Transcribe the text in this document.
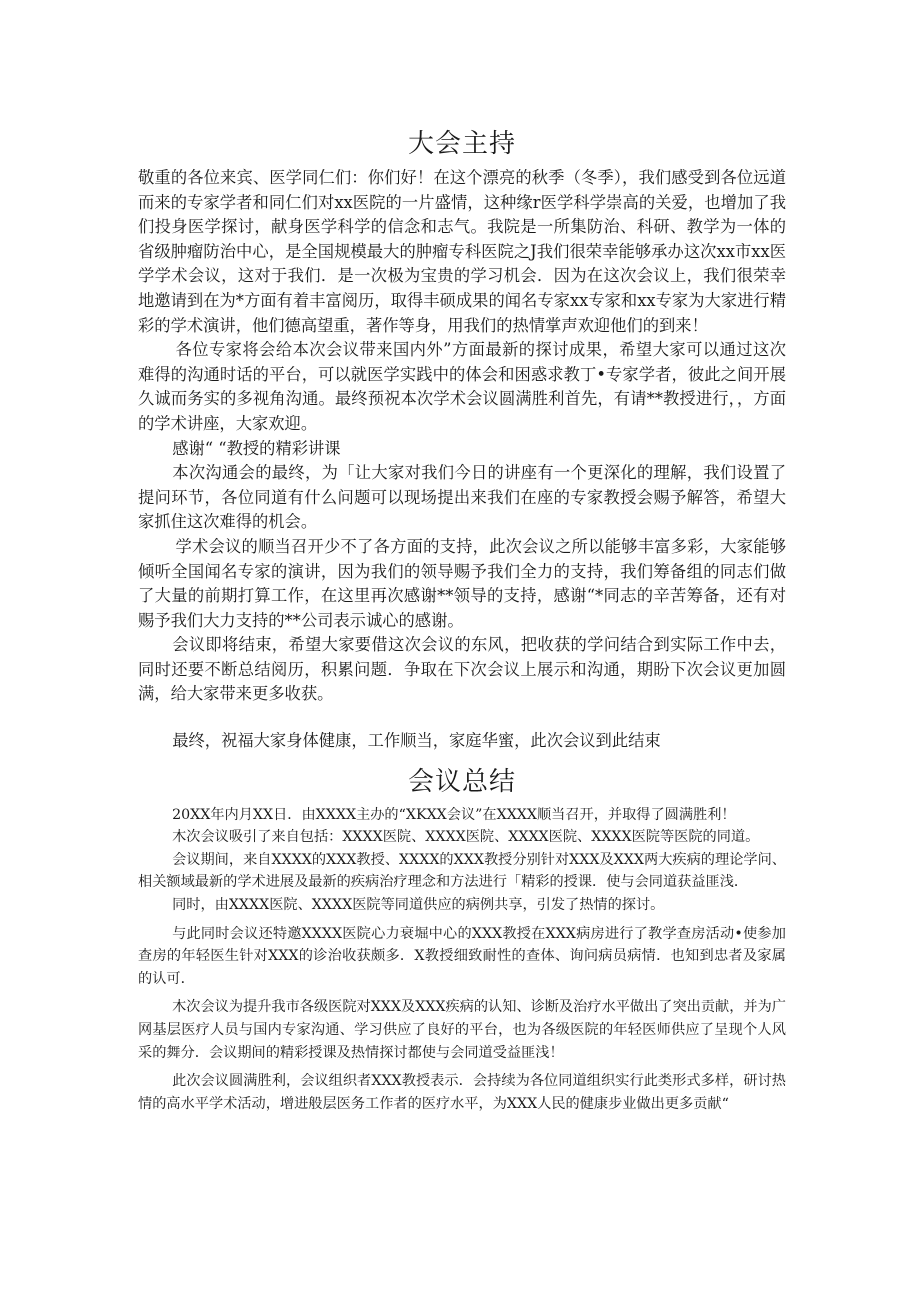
大会主持

敬重的各位来宾、医学同仁们：你们好！在这个漂亮的秋季（冬季），我们感受到各位远道而来的专家学者和同仁们对xx医院的一片盛情，这种缘r医学科学崇高的关爱，也增加了我们投身医学探讨，献身医学科学的信念和志气。我院是一所集防治、科研、教学为一体的省级肿瘤防治中心，是全国规模最大的肿瘤专科医院之J我们很荣幸能够承办这次xx市xx医学学术会议，这对于我们．是一次极为宝贵的学习机会．因为在这次会议上，我们很荣幸地邀请到在为*方面有着丰富阅历，取得丰硕成果的闻名专家xx专家和xx专家为大家进行精彩的学术演讲，他们德高望重，著作等身，用我们的热情掌声欢迎他们的到来！

各位专家将会给本次会议带来国内外”方面最新的探讨成果，希望大家可以通过这次难得的沟通时话的平台，可以就医学实践中的体会和困惑求教丁•专家学者，彼此之间开展久诚而务实的多视角沟通。最终预祝本次学术会议圆满胜利首先，有请**教授进行，，方面的学术讲座，大家欢迎。

感谢“ “教授的精彩讲课

本次沟通会的最终，为「让大家对我们今日的讲座有一个更深化的理解，我们设置了提问环节，各位同道有什么问题可以现场提出来我们在座的专家教授会赐予解答，希望大家抓住这次难得的机会。

学术会议的顺当召开少不了各方面的支持，此次会议之所以能够丰富多彩，大家能够倾听全国闻名专家的演讲，因为我们的领导赐予我们全力的支持，我们筹备组的同志们做了大量的前期打算工作，在这里再次感谢**领导的支持，感谢“*同志的辛苦筹备，还有对赐予我们大力支持的**公司表示诚心的感谢。

会议即将结束，希望大家要借这次会议的东风，把收获的学问结合到实际工作中去，同时还要不断总结阅历，积累问题．争取在下次会议上展示和沟通，期盼下次会议更加圆满，给大家带来更多收获。

最终，祝福大家身体健康，工作顺当，家庭华蜜，此次会议到此结束

会议总结

20XX年内月XX日．由XXXX主办的“XKXX会议”在XXXX顺当召开，并取得了圆满胜利！

木次会议吸引了来自包括：XXXX医院、XXXX医院、XXXX医院、XXXX医院等医院的同道。

会议期间，来自XXXX的XXX教授、XXXX的XXX教授分别针对XXX及XXX两大疾病的理论学问、相关额域最新的学术进展及最新的疾病治疗理念和方法进行「精彩的授课．使与会同道获益匪浅．

同时，由XXXX医院、XXXX医院等同道供应的病例共享，引发了热情的探讨。

与此同时会议还特邀XXXX医院心力衰堀中心的XXX教授在XXX病房进行了教学查房活动•使参加查房的年轻医生针对XXX的诊治收获颇多．X教授细致耐性的查体、询问病员病情．也知到忠者及家属的认可．

木次会议为提升我市各级医院对XXX及XXX疾病的认知、诊断及治疗水平做出了突出贡献，并为广网基层医疗人员与国内专家沟通、学习供应了良好的平台，也为各级医院的年轻医师供应了呈现个人风采的舞分．会议期间的精彩授课及热情探讨都使与会同道受益匪浅！

此次会议圆满胜利，会议组织者XXX教授表示．会持续为各位同道组织实行此类形式多样，研讨热情的高水平学术活动，增进般层医务工作者的医疗水平，为XXX人民的健康步业做出更多贡献“
